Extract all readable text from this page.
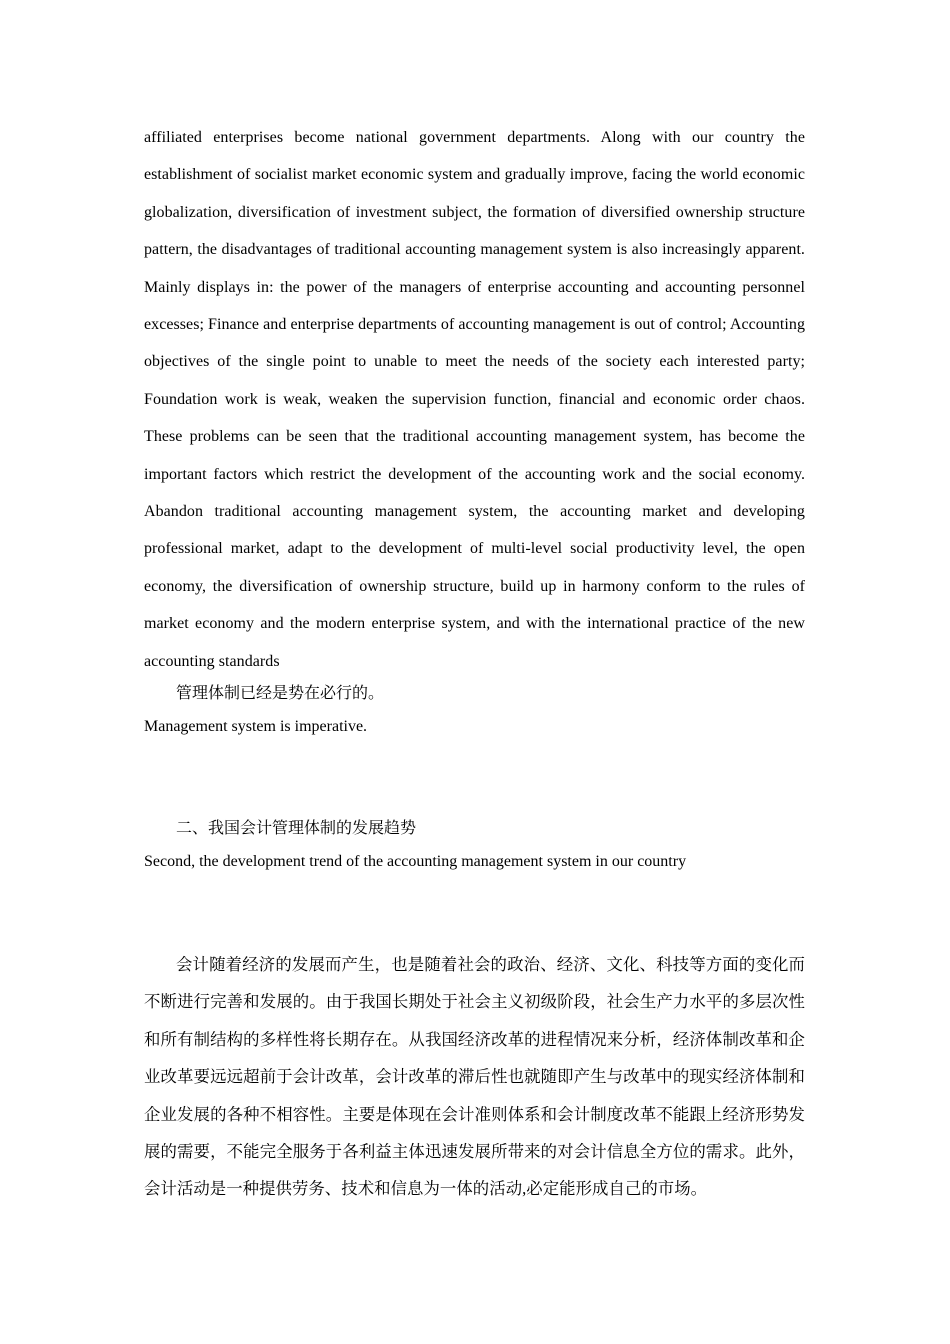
affiliated enterprises become national government departments. Along with our country the establishment of socialist market economic system and gradually improve, facing the world economic globalization, diversification of investment subject, the formation of diversified ownership structure pattern, the disadvantages of traditional accounting management system is also increasingly apparent. Mainly displays in: the power of the managers of enterprise accounting and accounting personnel excesses; Finance and enterprise departments of accounting management is out of control; Accounting objectives of the single point to unable to meet the needs of the society each interested party; Foundation work is weak, weaken the supervision function, financial and economic order chaos. These problems can be seen that the traditional accounting management system, has become the important factors which restrict the development of the accounting work and the social economy. Abandon traditional accounting management system, the accounting market and developing professional market, adapt to the development of multi-level social productivity level, the open economy, the diversification of ownership structure, build up in harmony conform to the rules of market economy and the modern enterprise system, and with the international practice of the new accounting standards

管理体制已经是势在必行的。

Management system is imperative.

二、我国会计管理体制的发展趋势

Second, the development trend of the accounting management system in our country

会计随着经济的发展而产生，也是随着社会的政治、经济、文化、科技等方面的变化而不断进行完善和发展的。由于我国长期处于社会主义初级阶段，社会生产力水平的多层次性和所有制结构的多样性将长期存在。从我国经济改革的进程情况来分析，经济体制改革和企业改革要远远超前于会计改革，会计改革的滞后性也就随即产生与改革中的现实经济体制和企业发展的各种不相容性。主要是体现在会计准则体系和会计制度改革不能跟上经济形势发展的需要，不能完全服务于各利益主体迅速发展所带来的对会计信息全方位的需求。此外，会计活动是一种提供劳务、技术和信息为一体的活动,必定能形成自己的市场。
